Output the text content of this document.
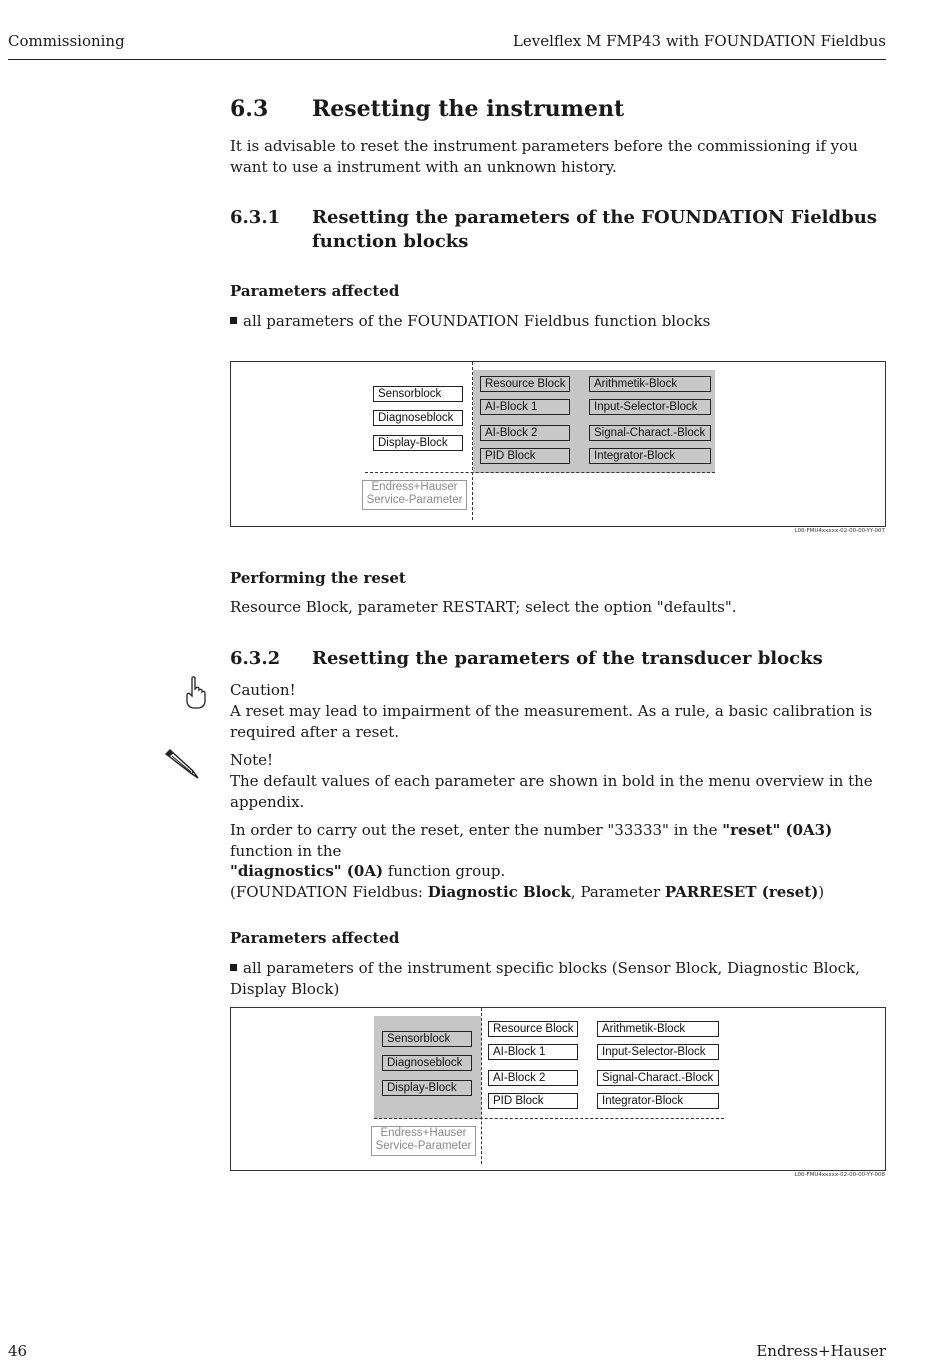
Commissioning	Levelflex M FMP43 with FOUNDATION Fieldbus
6.3 Resetting the instrument
It is advisable to reset the instrument parameters before the commissioning if you want to use a instrument with an unknown history.
6.3.1 Resetting the parameters of the FOUNDATION Fieldbus
function blocks
Parameters affected
all parameters of the FOUNDATION Fieldbus function blocks
Sensorblock
Diagnoseblock
Display-Block
Resource Block
AI-Block 1
AI-Block 2
PID Block
Arithmetik-Block
Input-Selector-Block
Signal-Charact.-Block
Integrator-Block
Endress+Hauser
Service-Parameter
L00-FMU4xxxxx-02-00-00-YY-007
Performing the reset
Resource Block, parameter RESTART; select the option "defaults".
6.3.2 Resetting the parameters of the transducer blocks
Caution!
A reset may lead to impairment of the measurement. As a rule, a basic calibration is required after a reset.
Note!
The default values of each parameter are shown in bold in the menu overview in the appendix.
In order to carry out the reset, enter the number "33333" in the "reset" (0A3) function in the
"diagnostics" (0A) function group.
(FOUNDATION Fieldbus: Diagnostic Block, Parameter PARRESET (reset))
Parameters affected
all parameters of the instrument specific blocks (Sensor Block, Diagnostic Block, Display Block)
Sensorblock
Diagnoseblock
Display-Block
Resource Block
AI-Block 1
AI-Block 2
PID Block
Arithmetik-Block
Input-Selector-Block
Signal-Charact.-Block
Integrator-Block
Endress+Hauser
Service-Parameter
L00-FMU4xxxxx-02-00-00-YY-008
46	Endress+Hauser
